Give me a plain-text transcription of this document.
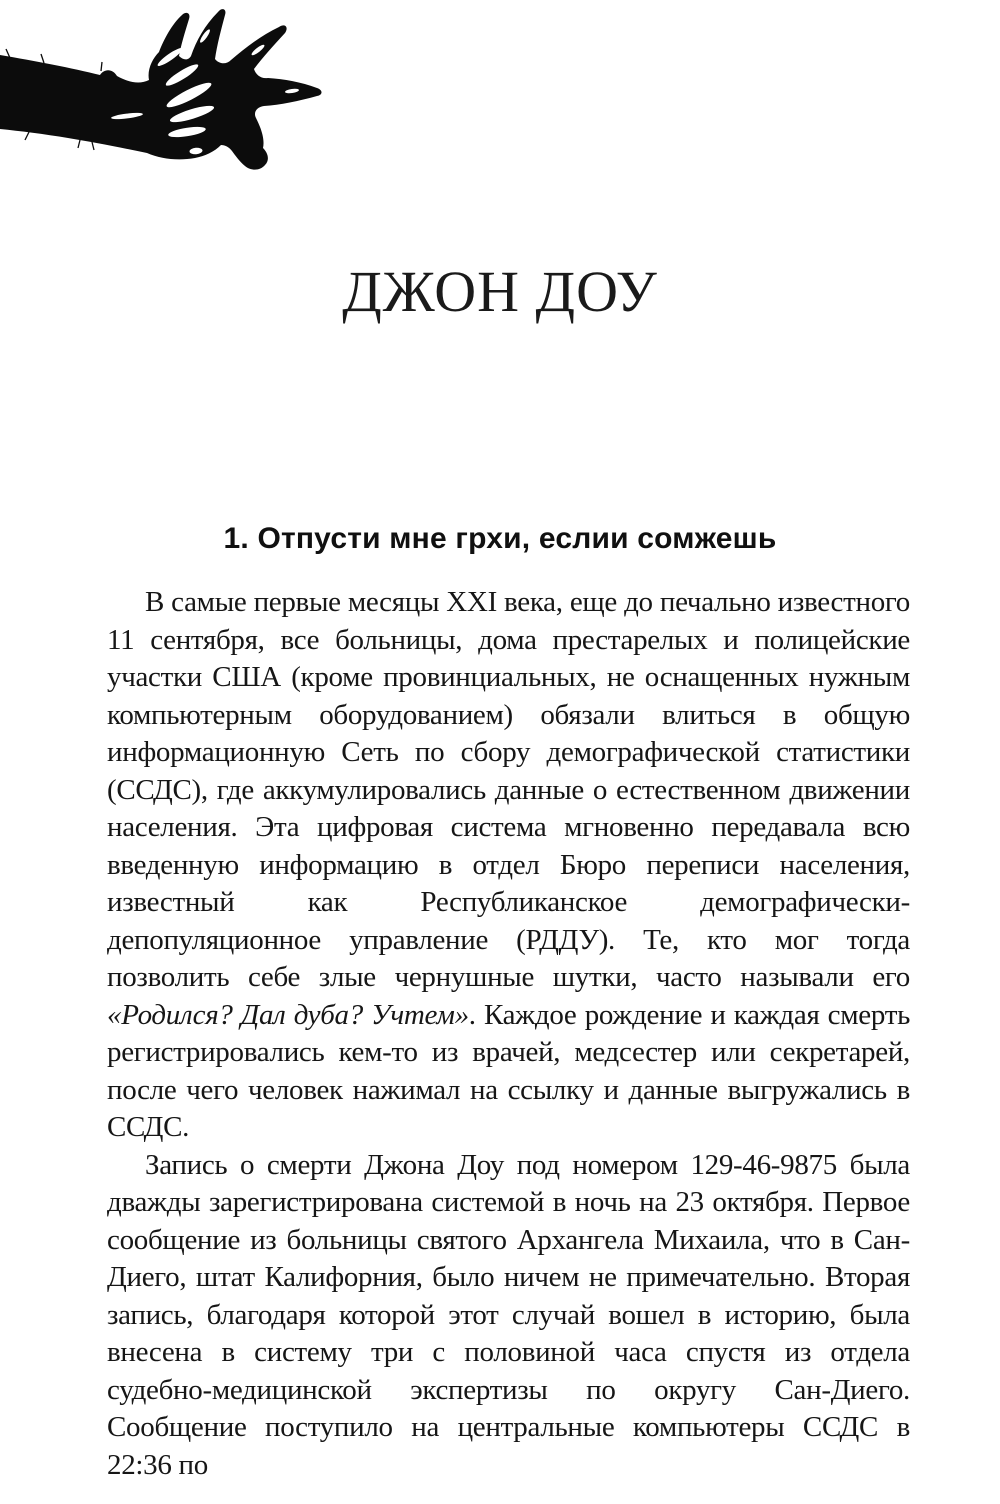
ДЖОН ДОУ
1. Отпусти мне грхи, еслии сомжешь

В самые первые месяцы XXI века, еще до печально известного 11 сентября, все больницы, дома престарелых и полицейские участки США (кроме провинциальных, не оснащенных нужным компьютерным оборудованием) обязали влиться в общую информационную Сеть по сбору демографической статистики (ССДС), где аккумулировались данные о естественном движении населения. Эта цифровая система мгновенно передавала всю введенную информацию в отдел Бюро переписи населения, известный как Республиканское демографически-депопуляционное управление (РДДУ). Те, кто мог тогда позволить себе злые чернушные шутки, часто называли его «Родился? Дал дуба? Учтем». Каждое рождение и каждая смерть регистрировались кем-то из врачей, медсестер или секретарей, после чего человек нажимал на ссылку и данные выгружались в ССДС.

Запись о смерти Джона Доу под номером 129-46-9875 была дважды зарегистрирована системой в ночь на 23 октября. Первое сообщение из больницы святого Архангела Михаила, что в Сан-Диего, штат Калифорния, было ничем не примечательно. Вторая запись, благодаря которой этот случай вошел в историю, была внесена в систему три с половиной часа спустя из отдела судебно-медицинской экспертизы по округу Сан-Диего. Сообщение поступило на центральные компьютеры ССДС в 22:36 по
